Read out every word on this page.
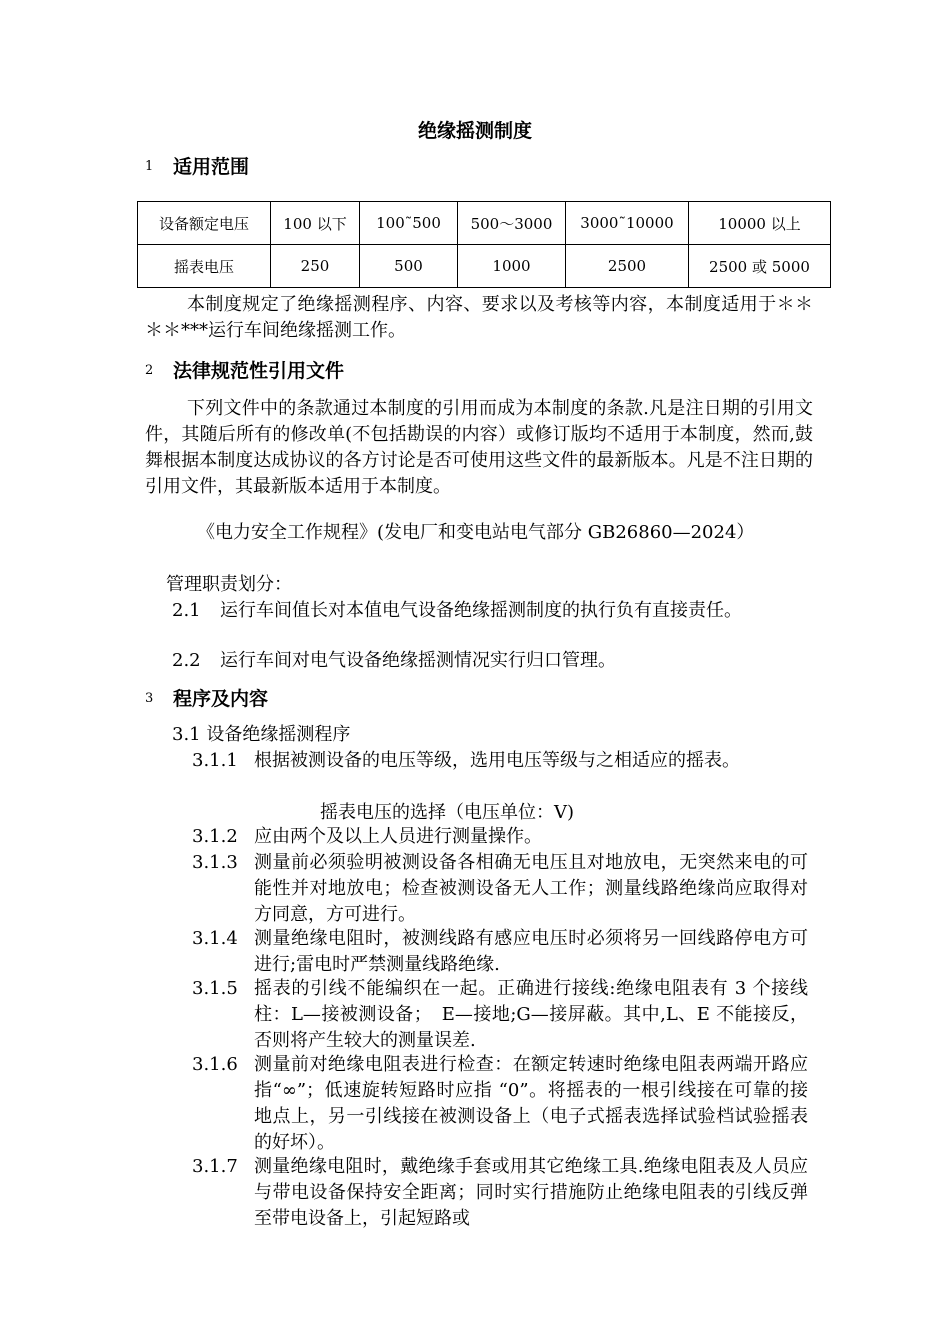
绝缘摇测制度
1 适用范围
设备额定电压	100 以下	100˜500	500～3000	3000˜10000	10000 以上
摇表电压	250	500	1000	2500	2500 或 5000
本制度规定了绝缘摇测程序、内容、要求以及考核等内容，本制度适用于＊＊＊＊***运行车间绝缘摇测工作。
2 法律规范性引用文件
下列文件中的条款通过本制度的引用而成为本制度的条款.凡是注日期的引用文件，其随后所有的修改单(不包括勘误的内容）或修订版均不适用于本制度，然而,鼓舞根据本制度达成协议的各方讨论是否可使用这些文件的最新版本。凡是不注日期的引用文件，其最新版本适用于本制度。
《电力安全工作规程》(发电厂和变电站电气部分 GB26860—2024）
管理职责划分：
2.1 运行车间值长对本值电气设备绝缘摇测制度的执行负有直接责任。
2.2 运行车间对电气设备绝缘摇测情况实行归口管理。
3 程序及内容
3.1 设备绝缘摇测程序
3.1.1 根据被测设备的电压等级，选用电压等级与之相适应的摇表。
摇表电压的选择（电压单位：V)
3.1.2 应由两个及以上人员进行测量操作。
3.1.3 测量前必须验明被测设备各相确无电压且对地放电，无突然来电的可能性并对地放电；检查被测设备无人工作；测量线路绝缘尚应取得对方同意，方可进行。
3.1.4 测量绝缘电阻时，被测线路有感应电压时必须将另一回线路停电方可进行;雷电时严禁测量线路绝缘.
3.1.5 摇表的引线不能编织在一起。正确进行接线:绝缘电阻表有 3 个接线柱：L—接被测设备；　E—接地;G—接屏蔽。其中,L、E 不能接反，否则将产生较大的测量误差.
3.1.6 测量前对绝缘电阻表进行检查：在额定转速时绝缘电阻表两端开路应指“∞”；低速旋转短路时应指 “0”。将摇表的一根引线接在可靠的接地点上，另一引线接在被测设备上（电子式摇表选择试验档试验摇表的好坏）。
3.1.7 测量绝缘电阻时，戴绝缘手套或用其它绝缘工具.绝缘电阻表及人员应与带电设备保持安全距离；同时实行措施防止绝缘电阻表的引线反弹至带电设备上，引起短路或
